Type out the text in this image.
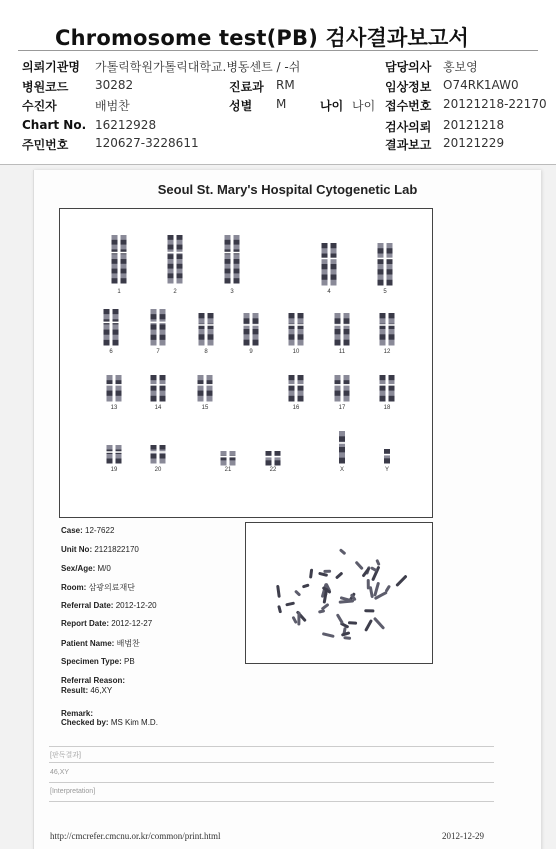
Chromosome test(PB) 검사결과보고서
의뢰기관명 가톨릭학원가톨릭대학교.병동센트 / -쉬	담당의사 홍보영
병원코드 30282	진료과 RM	임상정보 O74RK1AW0
수진자	배범찬	성별 M	나이 나이 접수번호 20121218-22170
Chart No. 16212928	검사의뢰 20121218
주민번호 120627-3228611	결과보고 20121229
Seoul St. Mary's Hospital Cytogenetic Lab
1	2	3	4	5
6	7	8	9	10	11	12
13	14	15	16	17	18
19	20	21	22	X	Y
Case: 12-7622
Unit No: 2121822170
Sex/Age: M/0
Room: 삼광의료재단
Referral Date: 2012-12-20
Report Date: 2012-12-27
Patient Name: 배범찬
Specimen Type: PB
Referral Reason:
Result: 46,XY
Remark:
Checked by: MS Kim M.D.
[판독결과]
46,XY
[Interpretation]
http://cmcrefer.cmcnu.or.kr/common/print.html	2012-12-29
